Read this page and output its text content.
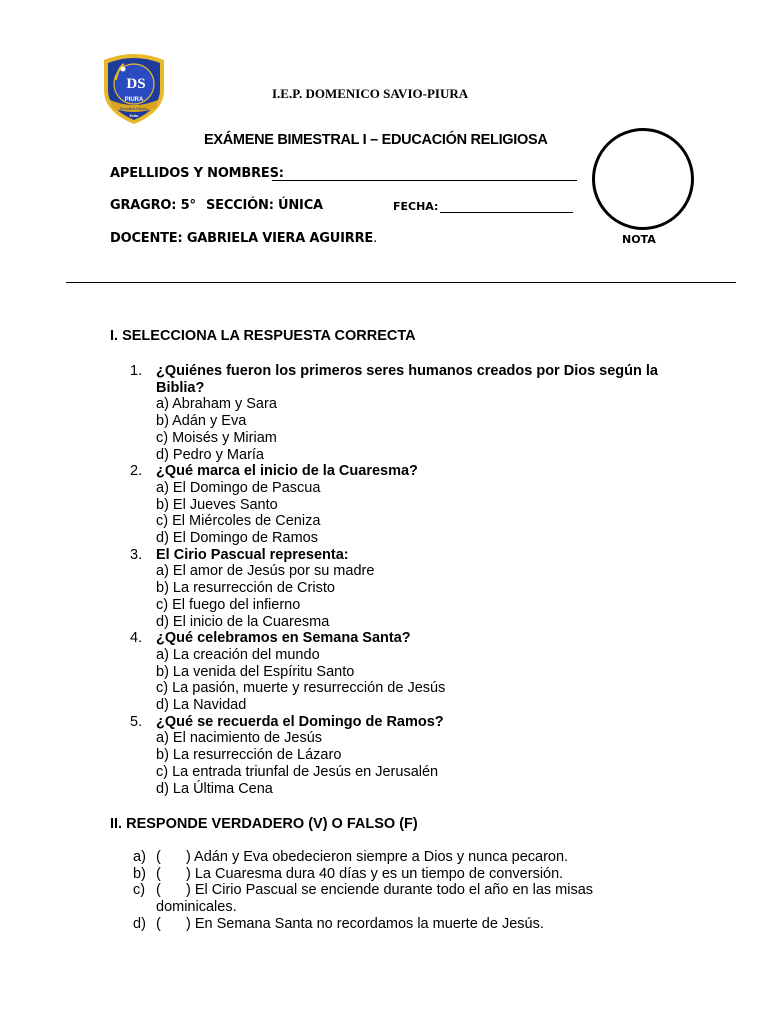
DS
PIURA
Disciplina Estudio
Exito
I.E.P. DOMENICO SAVIO-PIURA
EXÁMENE BIMESTRAL I – EDUCACIÓN RELIGIOSA
APELLIDOS Y NOMBRES:
GRAGRO: 5° SECCIÓN: ÚNICA	FECHA:
DOCENTE: GABRIELA VIERA AGUIRRE.	NOTA
I. SELECCIONA LA RESPUESTA CORRECTA
1. ¿Quiénes fueron los primeros seres humanos creados por Dios según la Biblia?
a) Abraham y Sara
b) Adán y Eva
c) Moisés y Miriam
d) Pedro y María
2. ¿Qué marca el inicio de la Cuaresma?
a) El Domingo de Pascua
b) El Jueves Santo
c) El Miércoles de Ceniza
d) El Domingo de Ramos
3. El Cirio Pascual representa:
a) El amor de Jesús por su madre
b) La resurrección de Cristo
c) El fuego del infierno
d) El inicio de la Cuaresma
4. ¿Qué celebramos en Semana Santa?
a) La creación del mundo
b) La venida del Espíritu Santo
c) La pasión, muerte y resurrección de Jesús
d) La Navidad
5. ¿Qué se recuerda el Domingo de Ramos?
a) El nacimiento de Jesús
b) La resurrección de Lázaro
c) La entrada triunfal de Jesús en Jerusalén
d) La Última Cena
II. RESPONDE VERDADERO (V) O FALSO (F)
a) ( ) Adán y Eva obedecieron siempre a Dios y nunca pecaron.
b) ( ) La Cuaresma dura 40 días y es un tiempo de conversión.
c) ( ) El Cirio Pascual se enciende durante todo el año en las misas
dominicales.
d) ( ) En Semana Santa no recordamos la muerte de Jesús.
